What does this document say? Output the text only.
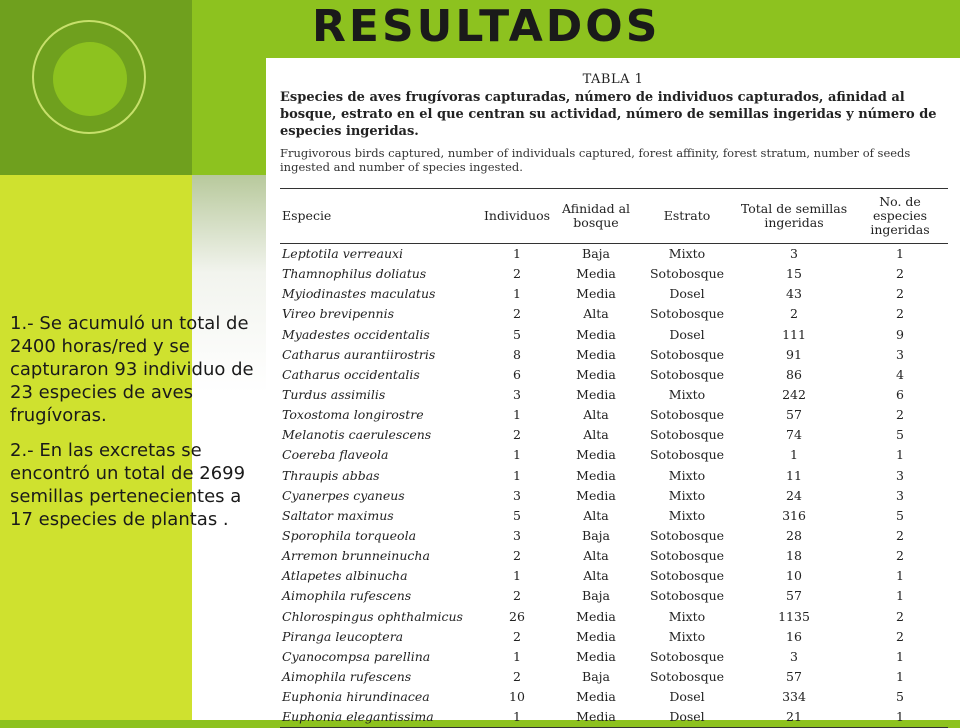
RESULTADOS

1.- Se acumuló un total de 2400 horas/red y se capturaron 93 individuo de 23 especies de aves frugívoras.

2.- En las excretas se encontró un total de 2699 semillas pertenecientes a 17 especies de plantas .

TABLA 1

Especies de aves frugívoras capturadas, número de individuos capturados, afinidad al bosque, estrato en el que centran su actividad, número de semillas ingeridas y número de especies ingeridas.

Frugivorous birds captured, number of individuals captured, forest affinity, forest stratum, number of seeds ingested and number of species ingested.

Especie	Individuos	Afinidad al bosque	Estrato	Total de semillas ingeridas	No. de especies ingeridas
Leptotila verreauxi	1	Baja	Mixto	3	1
Thamnophilus doliatus	2	Media	Sotobosque	15	2
Myiodinastes maculatus	1	Media	Dosel	43	2
Vireo brevipennis	2	Alta	Sotobosque	2	2
Myadestes occidentalis	5	Media	Dosel	111	9
Catharus aurantiirostris	8	Media	Sotobosque	91	3
Catharus occidentalis	6	Media	Sotobosque	86	4
Turdus assimilis	3	Media	Mixto	242	6
Toxostoma longirostre	1	Alta	Sotobosque	57	2
Melanotis caerulescens	2	Alta	Sotobosque	74	5
Coereba flaveola	1	Media	Sotobosque	1	1
Thraupis abbas	1	Media	Mixto	11	3
Cyanerpes cyaneus	3	Media	Mixto	24	3
Saltator maximus	5	Alta	Mixto	316	5
Sporophila torqueola	3	Baja	Sotobosque	28	2
Arremon brunneinucha	2	Alta	Sotobosque	18	2
Atlapetes albinucha	1	Alta	Sotobosque	10	1
Aimophila rufescens	2	Baja	Sotobosque	57	1
Chlorospingus ophthalmicus	26	Media	Mixto	1135	2
Piranga leucoptera	2	Media	Mixto	16	2
Cyanocompsa parellina	1	Media	Sotobosque	3	1
Aimophila rufescens	2	Baja	Sotobosque	57	1
Euphonia hirundinacea	10	Media	Dosel	334	5
Euphonia elegantissima	1	Media	Dosel	21	1
